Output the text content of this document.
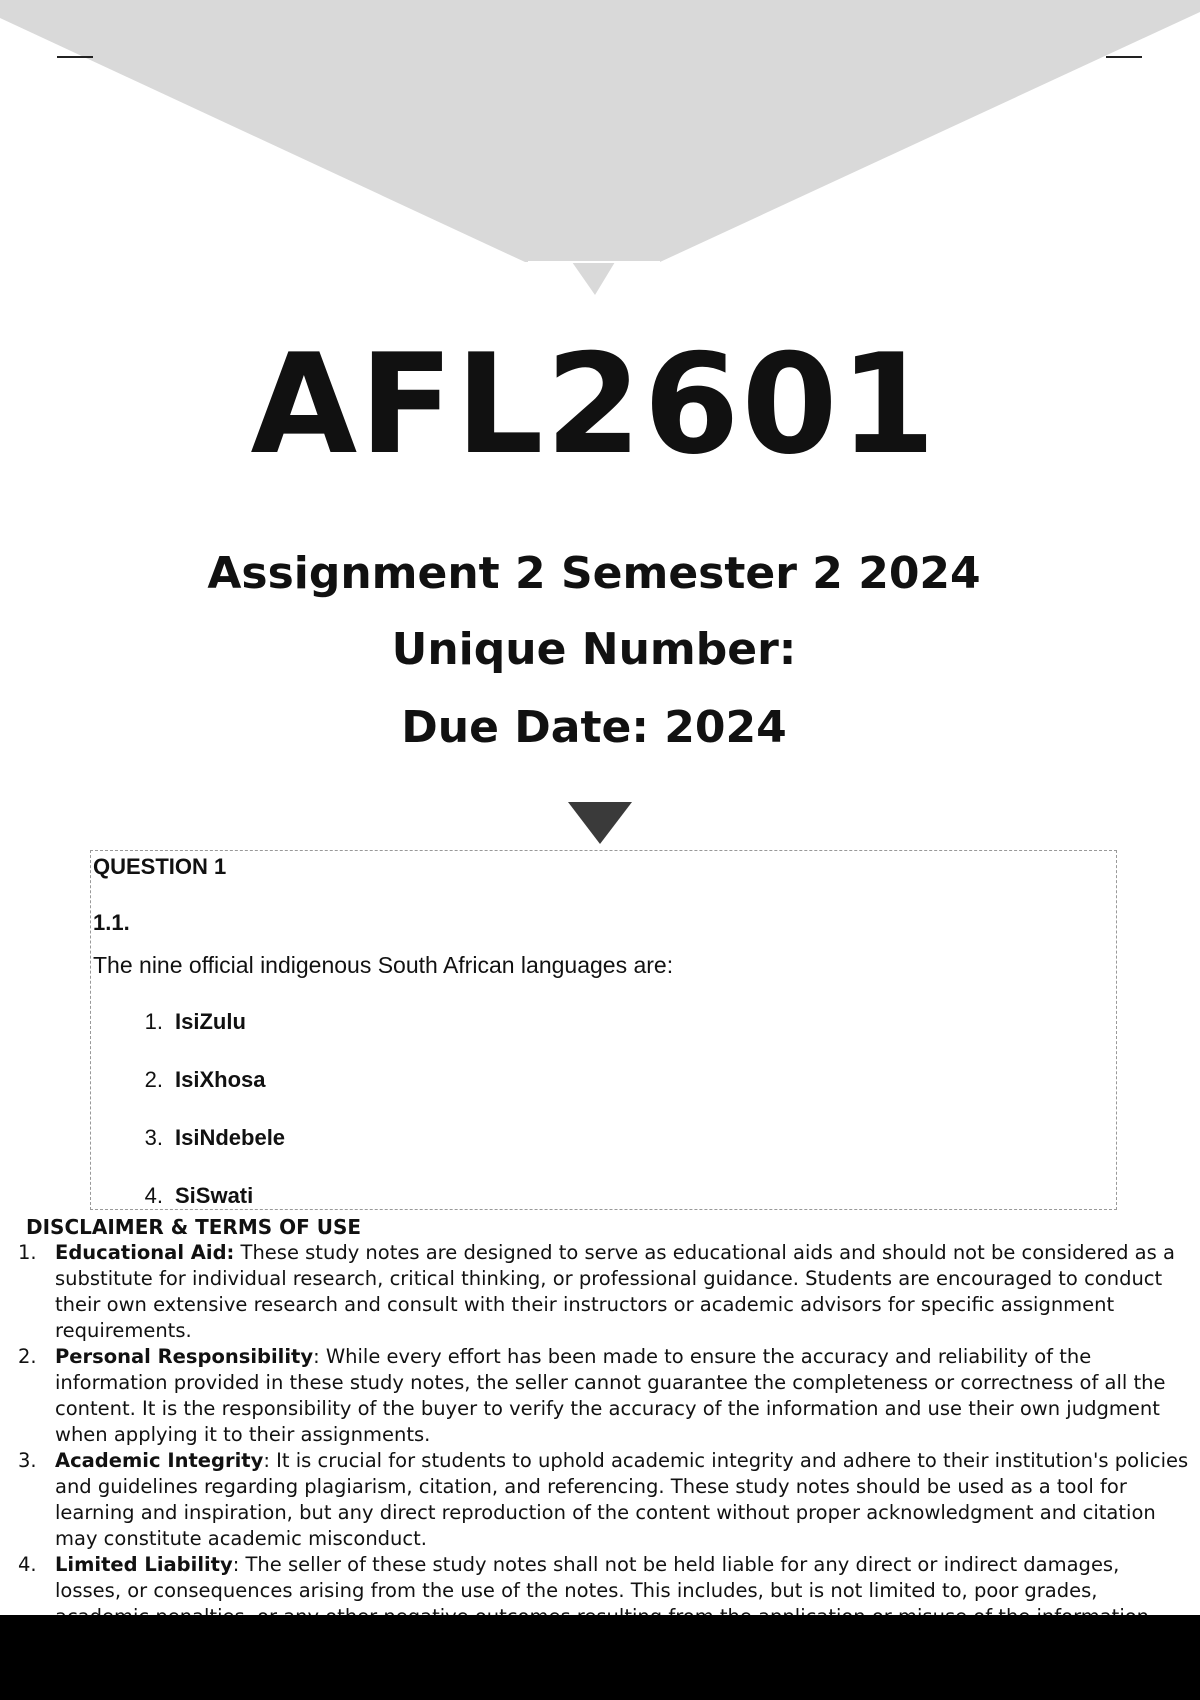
AFL2601
Assignment 2 Semester 2 2024
Unique Number:
Due Date: 2024
QUESTION 1
1.1.
The nine official indigenous South African languages are:
1. IsiZulu
2. IsiXhosa
3. IsiNdebele
4. SiSwati
DISCLAIMER & TERMS OF USE
1. Educational Aid: These study notes are designed to serve as educational aids and should not be considered as a substitute for individual research, critical thinking, or professional guidance. Students are encouraged to conduct their own extensive research and consult with their instructors or academic advisors for specific assignment requirements.
2. Personal Responsibility: While every effort has been made to ensure the accuracy and reliability of the information provided in these study notes, the seller cannot guarantee the completeness or correctness of all the content. It is the responsibility of the buyer to verify the accuracy of the information and use their own judgment when applying it to their assignments.
3. Academic Integrity: It is crucial for students to uphold academic integrity and adhere to their institution's policies and guidelines regarding plagiarism, citation, and referencing. These study notes should be used as a tool for learning and inspiration, but any direct reproduction of the content without proper acknowledgment and citation may constitute academic misconduct.
4. Limited Liability: The seller of these study notes shall not be held liable for any direct or indirect damages, losses, or consequences arising from the use of the notes. This includes, but is not limited to, poor grades,
